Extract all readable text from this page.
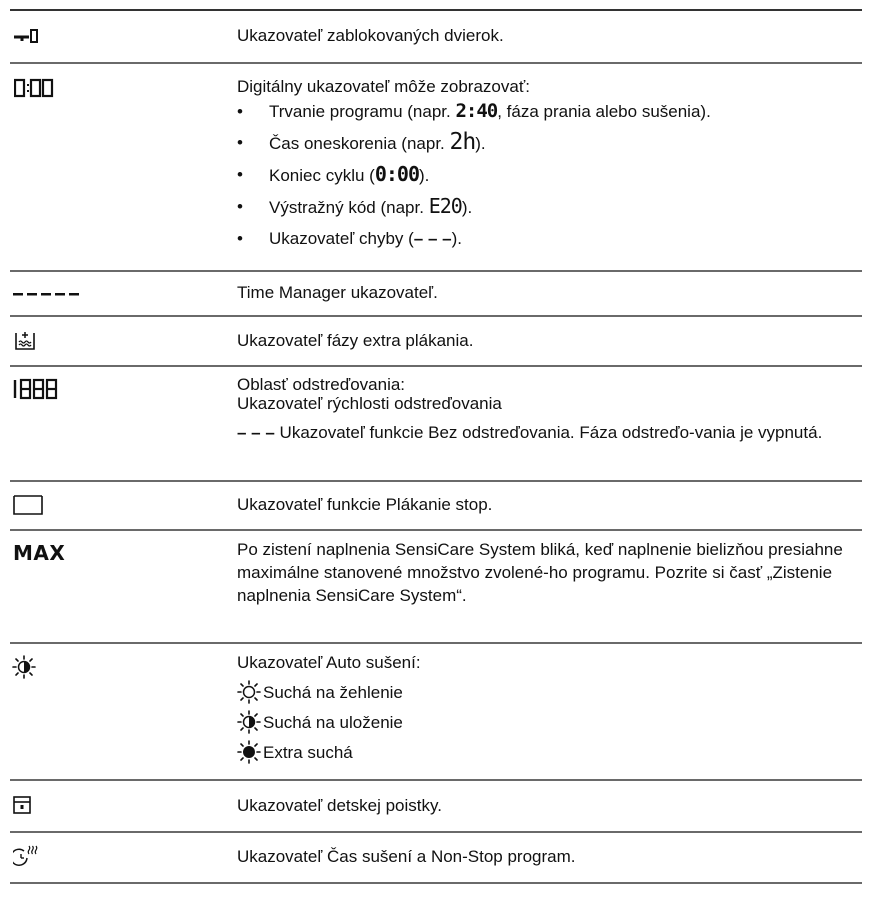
Ukazovateľ zablokovaných dvierok.

Digitálny ukazovateľ môže zobrazovať:

•	Trvanie programu (napr. 2:40, fáza prania alebo sušenia).
•	Čas oneskorenia (napr. 2h).
•	Koniec cyklu (0:00).
•	Výstražný kód (napr. E20).
•	Ukazovateľ chyby (– – –).

Time Manager ukazovateľ.

Ukazovateľ fázy extra plákania.

Oblasť odstreďovania:

Ukazovateľ rýchlosti odstreďovania

– – – Ukazovateľ funkcie Bez odstreďovania. Fáza odstreďo-vania je vypnutá.

Ukazovateľ funkcie Plákanie stop.

MAX	Po zistení naplnenia SensiCare System bliká, keď naplnenie bielizňou presiahne maximálne stanovené množstvo zvolené-ho programu. Pozrite si časť „Zistenie naplnenia SensiCare System“.

Ukazovateľ Auto sušení:

Suchá na žehlenie
Suchá na uloženie
Extra suchá

Ukazovateľ detskej poistky.

Ukazovateľ Čas sušení a Non-Stop program.
